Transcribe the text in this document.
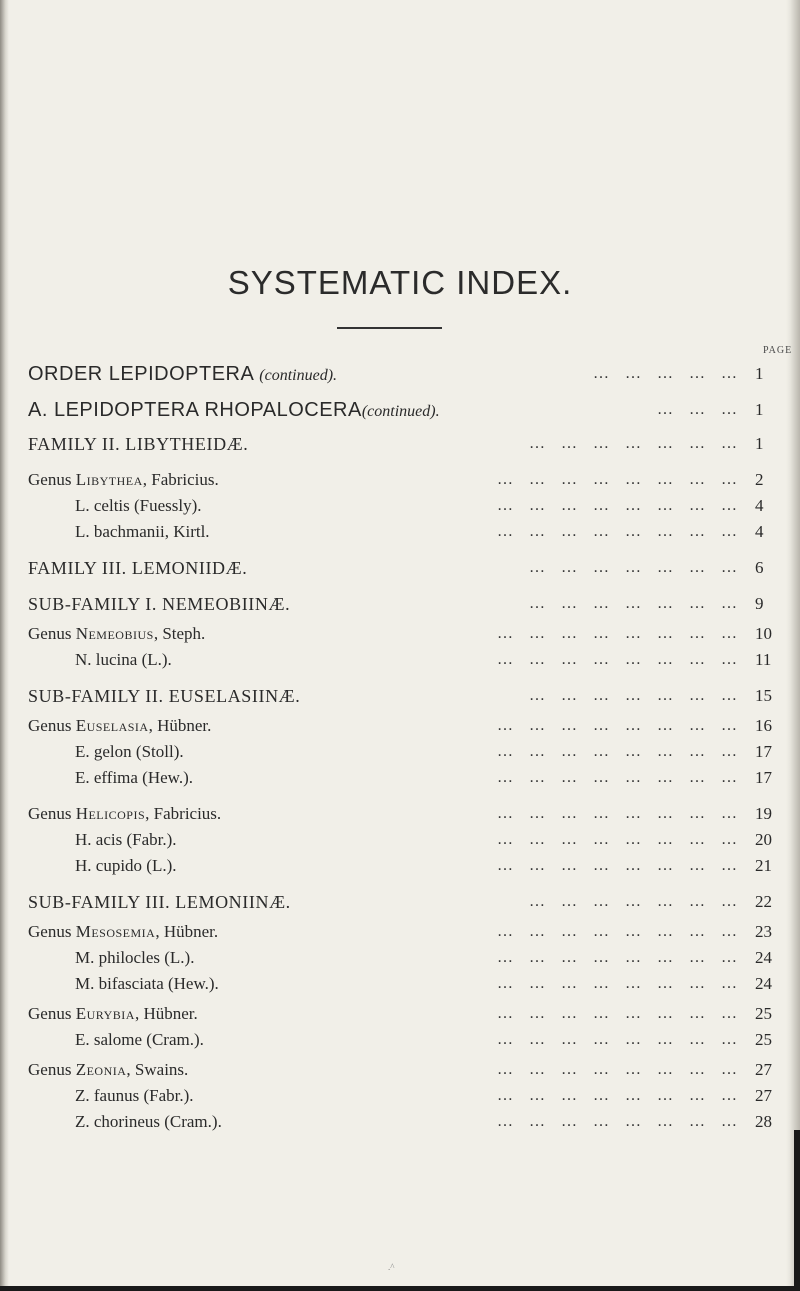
SYSTEMATIC INDEX.
PAGE
ORDER LEPIDOPTERA (continued).	…   …   …   …   … 1
A. LEPIDOPTERA RHOPALOCERA(continued).	…   …   … 1
FAMILY II. LIBYTHEIDÆ.	…   …   …   …   …   …   … 1
Genus Libythea, Fabricius.	…   …   …   …   …   …   …   … 2
L. celtis (Fuessly).	…   …   …   …   …   …   …   … 4
L. bachmanii, Kirtl.	…   …   …   …   …   …   …   … 4
FAMILY III. LEMONIIDÆ.	…   …   …   …   …   …   … 6
SUB-FAMILY I. NEMEOBIINÆ.	…   …   …   …   …   …   … 9
Genus Nemeobius, Steph.	…   …   …   …   …   …   …   … 10
N. lucina (L.).	…   …   …   …   …   …   …   … 11
SUB-FAMILY II. EUSELASIINÆ.	…   …   …   …   …   …   … 15
Genus Euselasia, Hübner.	…   …   …   …   …   …   …   … 16
E. gelon (Stoll).	…   …   …   …   …   …   …   … 17
E. effima (Hew.).	…   …   …   …   …   …   …   … 17
Genus Helicopis, Fabricius.	…   …   …   …   …   …   …   … 19
H. acis (Fabr.).	…   …   …   …   …   …   …   … 20
H. cupido (L.).	…   …   …   …   …   …   …   … 21
SUB-FAMILY III. LEMONIINÆ.	…   …   …   …   …   …   … 22
Genus Mesosemia, Hübner.	…   …   …   …   …   …   …   … 23
M. philocles (L.).	…   …   …   …   …   …   …   … 24
M. bifasciata (Hew.).	…   …   …   …   …   …   …   … 24
Genus Eurybia, Hübner.	…   …   …   …   …   …   …   … 25
E. salome (Cram.).	…   …   …   …   …   …   …   … 25
Genus Zeonia, Swains.	…   …   …   …   …   …   …   … 27
Z. faunus (Fabr.).	…   …   …   …   …   …   …   … 27
Z. chorineus (Cram.).	…   …   …   …   …   …   …   … 28
.^
